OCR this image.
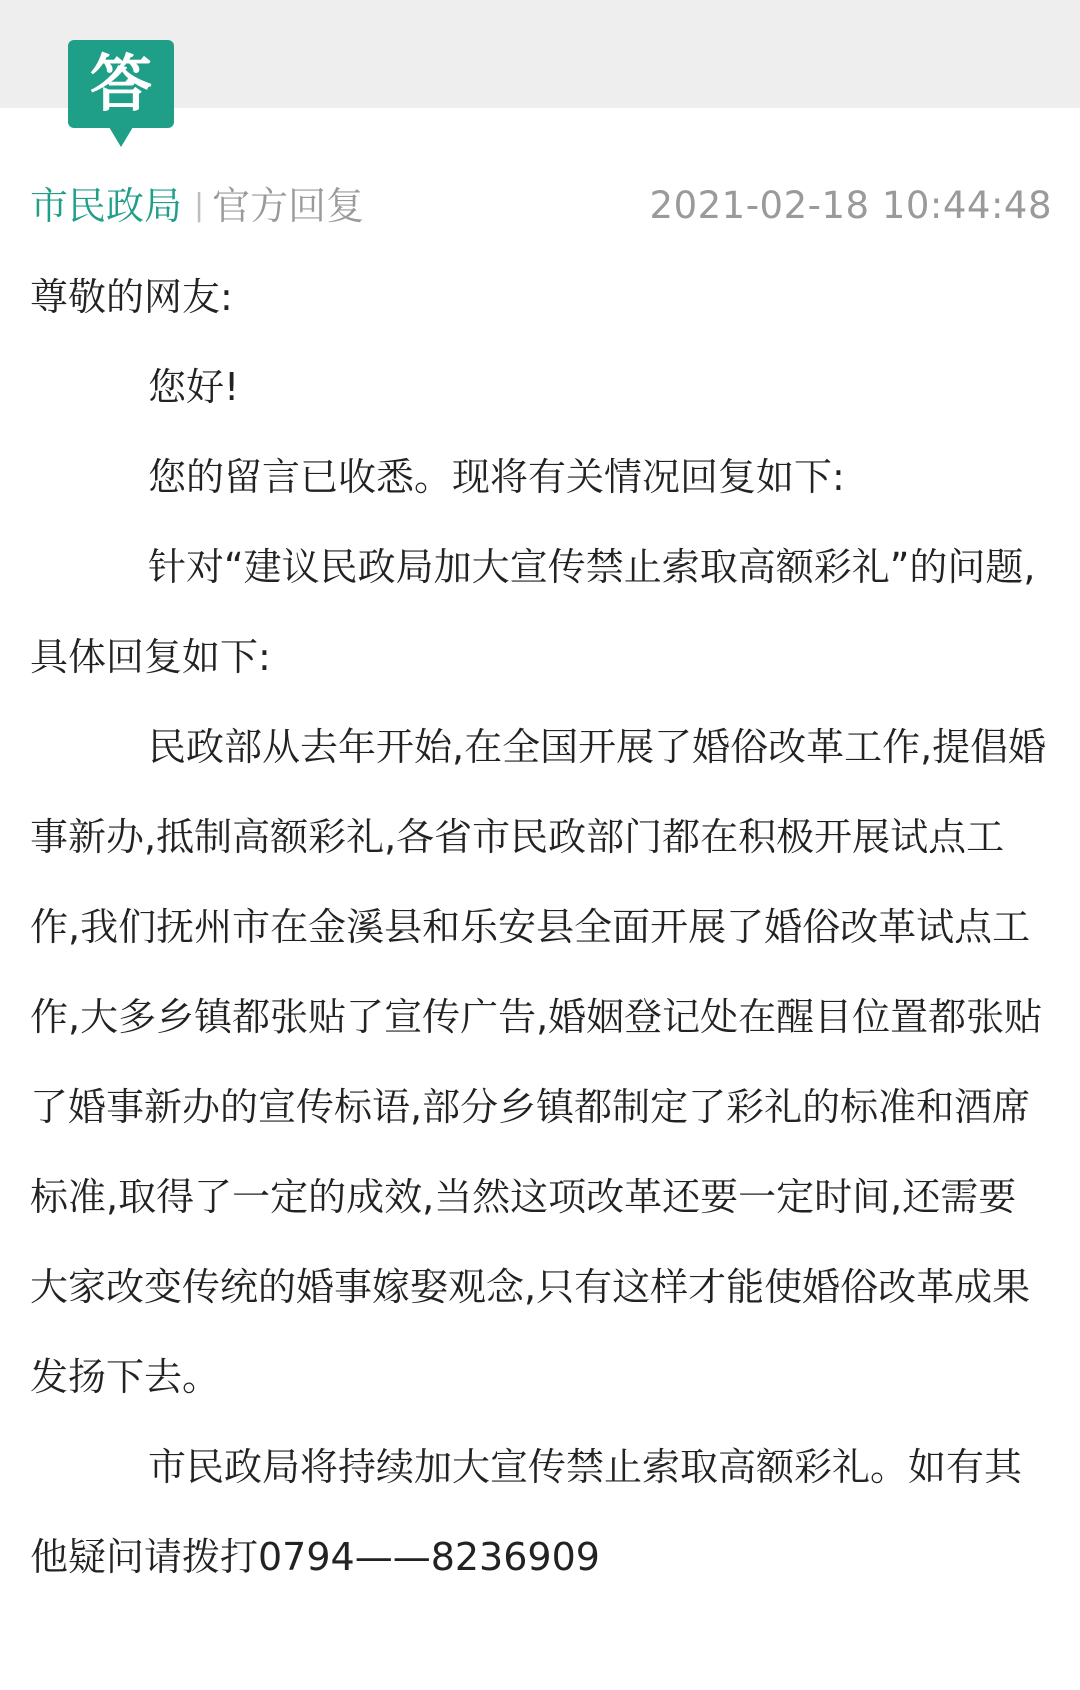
答
市民政局 | 官方回复	2021-02-18 10:44:48

尊敬的网友:

您好!

您的留言已收悉。现将有关情况回复如下:

针对“建议民政局加大宣传禁止索取高额彩礼”的问题,具体回复如下:

民政部从去年开始,在全国开展了婚俗改革工作,提倡婚事新办,抵制高额彩礼,各省市民政部门都在积极开展试点工作,我们抚州市在金溪县和乐安县全面开展了婚俗改革试点工作,大多乡镇都张贴了宣传广告,婚姻登记处在醒目位置都张贴了婚事新办的宣传标语,部分乡镇都制定了彩礼的标准和酒席标准,取得了一定的成效,当然这项改革还要一定时间,还需要大家改变传统的婚事嫁娶观念,只有这样才能使婚俗改革成果发扬下去。

市民政局将持续加大宣传禁止索取高额彩礼。如有其他疑问请拨打0794——8236909
